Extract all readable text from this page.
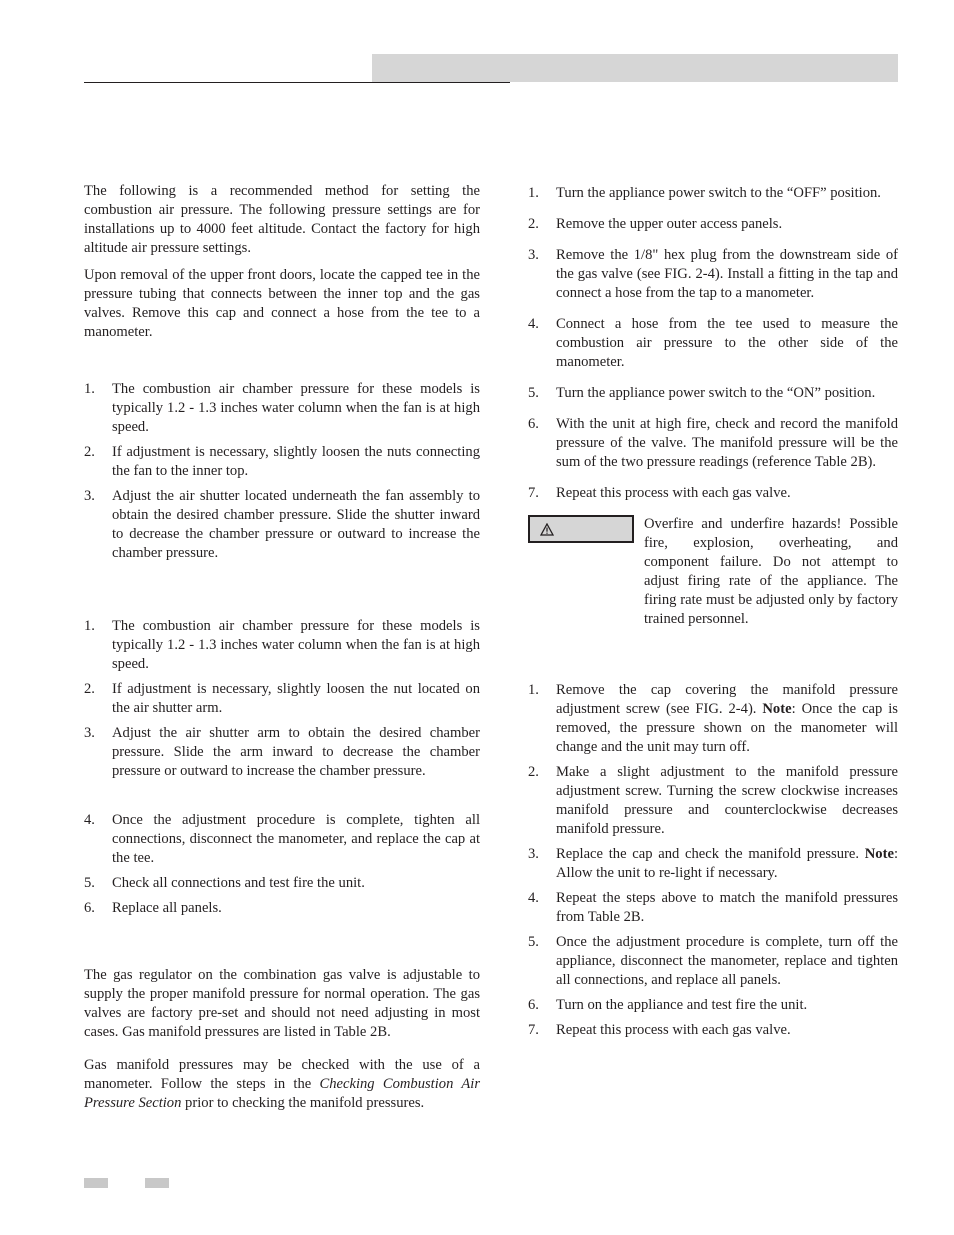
The following is a recommended method for setting the combustion air pressure. The following pressure settings are for installations up to 4000 feet altitude. Contact the factory for high altitude air pressure settings.

Upon removal of the upper front doors, locate the capped tee in the pressure tubing that connects between the inner top and the gas valves. Remove this cap and connect a hose from the tee to a manometer.

1. The combustion air chamber pressure for these models is typically 1.2 - 1.3 inches water column when the fan is at high speed.
2. If adjustment is necessary, slightly loosen the nuts connecting the fan to the inner top.
3. Adjust the air shutter located underneath the fan assembly to obtain the desired chamber pressure. Slide the shutter inward to decrease the chamber pressure or outward to increase the chamber pressure.
1. The combustion air chamber pressure for these models is typically 1.2 - 1.3 inches water column when the fan is at high speed.
2. If adjustment is necessary, slightly loosen the nut located on the air shutter arm.
3. Adjust the air shutter arm to obtain the desired chamber pressure. Slide the arm inward to decrease the chamber pressure or outward to increase the chamber pressure.
4. Once the adjustment procedure is complete, tighten all connections, disconnect the manometer, and replace the cap at the tee.
5. Check all connections and test fire the unit.
6. Replace all panels.

The gas regulator on the combination gas valve is adjustable to supply the proper manifold pressure for normal operation. The gas valves are factory pre-set and should not need adjusting in most cases. Gas manifold pressures are listed in Table 2B.

Gas manifold pressures may be checked with the use of a manometer. Follow the steps in the Checking Combustion Air Pressure Section prior to checking the manifold pressures.

1. Turn the appliance power switch to the “OFF” position.
2. Remove the upper outer access panels.
3. Remove the 1/8" hex plug from the downstream side of the gas valve (see FIG. 2-4). Install a fitting in the tap and connect a hose from the tap to a manometer.
4. Connect a hose from the tee used to measure the combustion air pressure to the other side of the manometer.
5. Turn the appliance power switch to the “ON” position.
6. With the unit at high fire, check and record the manifold pressure of the valve. The manifold pressure will be the sum of the two pressure readings (reference Table 2B).
7. Repeat this process with each gas valve.

Overfire and underfire hazards! Possible fire, explosion, overheating, and component failure. Do not attempt to adjust firing rate of the appliance. The firing rate must be adjusted only by factory trained personnel.

1. Remove the cap covering the manifold pressure adjustment screw (see FIG. 2-4). Note: Once the cap is removed, the pressure shown on the manometer will change and the unit may turn off.
2. Make a slight adjustment to the manifold pressure adjustment screw. Turning the screw clockwise increases manifold pressure and counterclockwise decreases manifold pressure.
3. Replace the cap and check the manifold pressure. Note: Allow the unit to re-light if necessary.
4. Repeat the steps above to match the manifold pressures from Table 2B.
5. Once the adjustment procedure is complete, turn off the appliance, disconnect the manometer, replace and tighten all connections, and replace all panels.
6. Turn on the appliance and test fire the unit.
7. Repeat this process with each gas valve.
